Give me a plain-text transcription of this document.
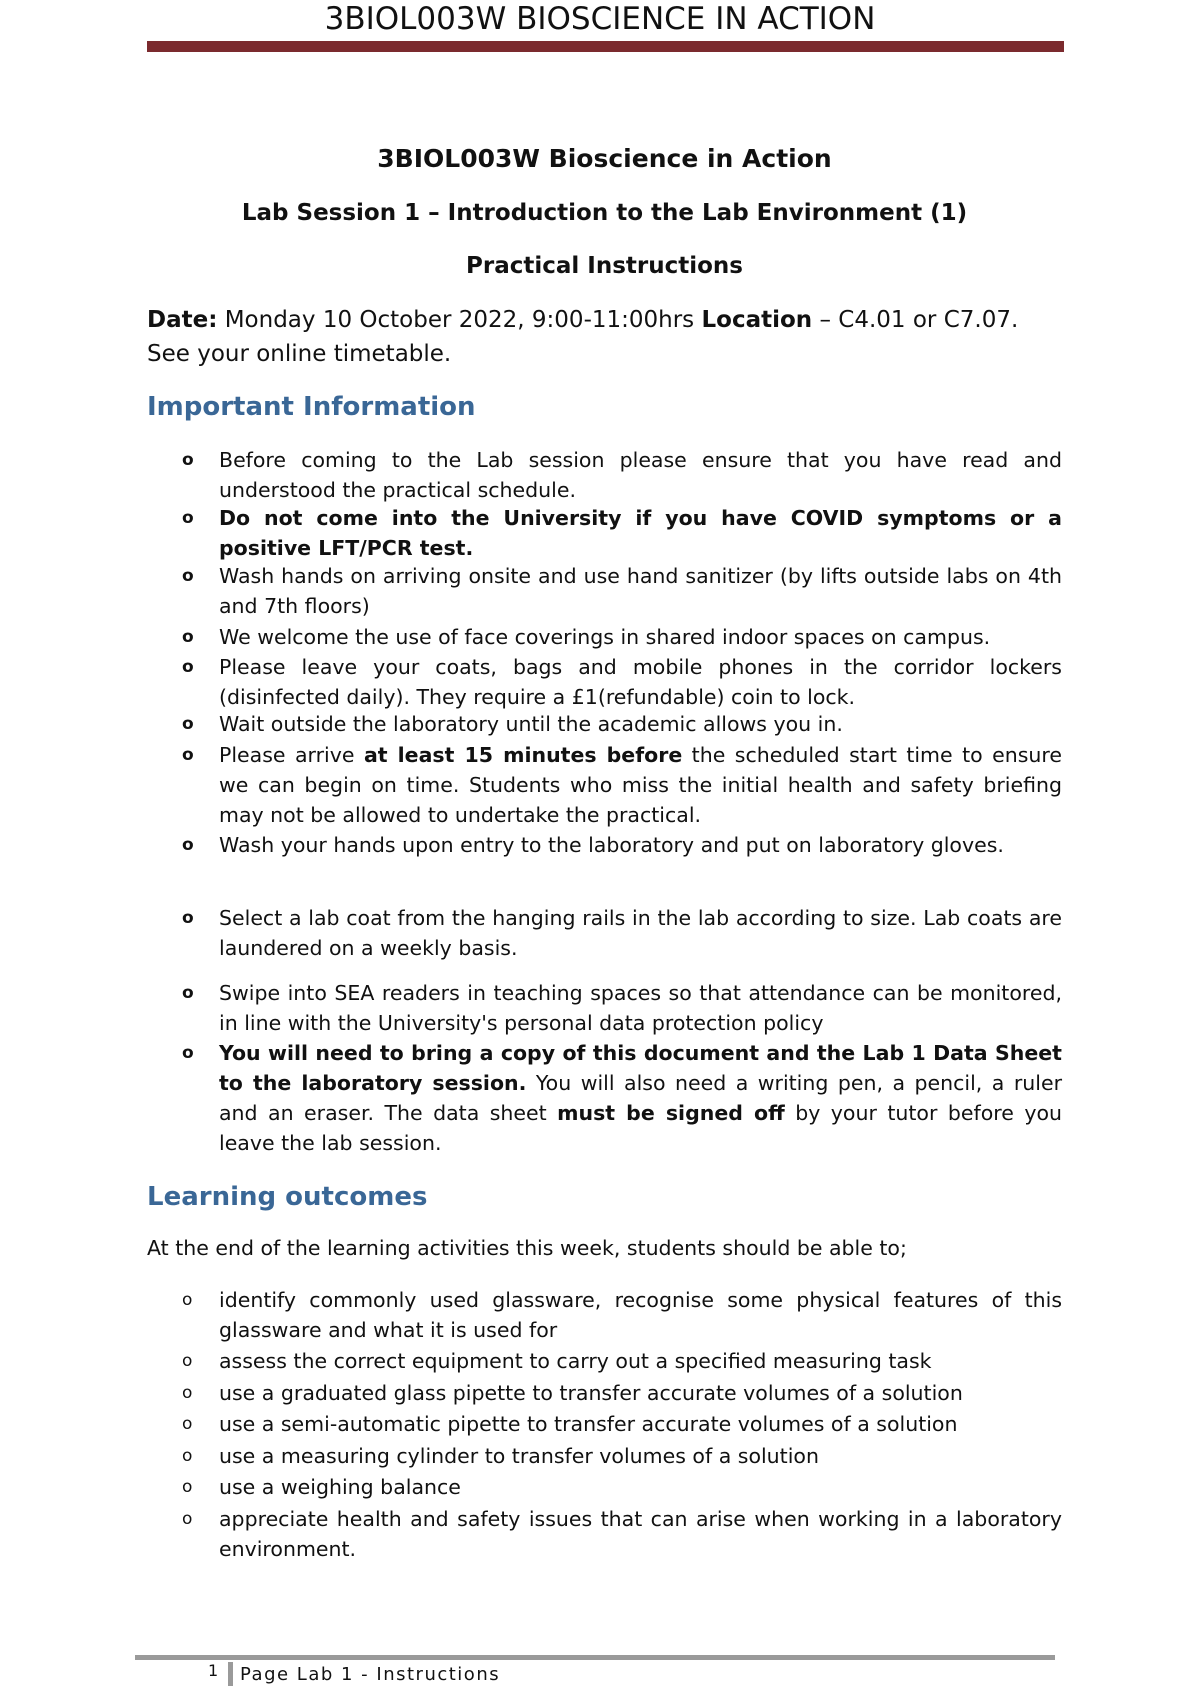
3BIOL003W BIOSCIENCE IN ACTION
3BIOL003W Bioscience in Action
Lab Session 1 – Introduction to the Lab Environment (1)
Practical Instructions
Date: Monday 10 October 2022, 9:00-11:00hrs Location – C4.01 or C7.07. See your online timetable.
Important Information
o Before coming to the Lab session please ensure that you have read and understood the practical schedule.
o Do not come into the University if you have COVID symptoms or a positive LFT/PCR test.
o Wash hands on arriving onsite and use hand sanitizer (by lifts outside labs on 4th and 7th floors)
o We welcome the use of face coverings in shared indoor spaces on campus.
o Please leave your coats, bags and mobile phones in the corridor lockers (disinfected daily). They require a £1(refundable) coin to lock.
o Wait outside the laboratory until the academic allows you in.
o Please arrive at least 15 minutes before the scheduled start time to ensure we can begin on time. Students who miss the initial health and safety briefing may not be allowed to undertake the practical.
o Wash your hands upon entry to the laboratory and put on laboratory gloves.
o Select a lab coat from the hanging rails in the lab according to size. Lab coats are laundered on a weekly basis.
o Swipe into SEA readers in teaching spaces so that attendance can be monitored, in line with the University's personal data protection policy
o You will need to bring a copy of this document and the Lab 1 Data Sheet to the laboratory session. You will also need a writing pen, a pencil, a ruler and an eraser. The data sheet must be signed off by your tutor before you leave the lab session.
Learning outcomes
At the end of the learning activities this week, students should be able to;
o identify commonly used glassware, recognise some physical features of this glassware and what it is used for
o assess the correct equipment to carry out a specified measuring task
o use a graduated glass pipette to transfer accurate volumes of a solution
o use a semi-automatic pipette to transfer accurate volumes of a solution
o use a measuring cylinder to transfer volumes of a solution
o use a weighing balance
o appreciate health and safety issues that can arise when working in a laboratory environment.
1 Page Lab 1 - Instructions
